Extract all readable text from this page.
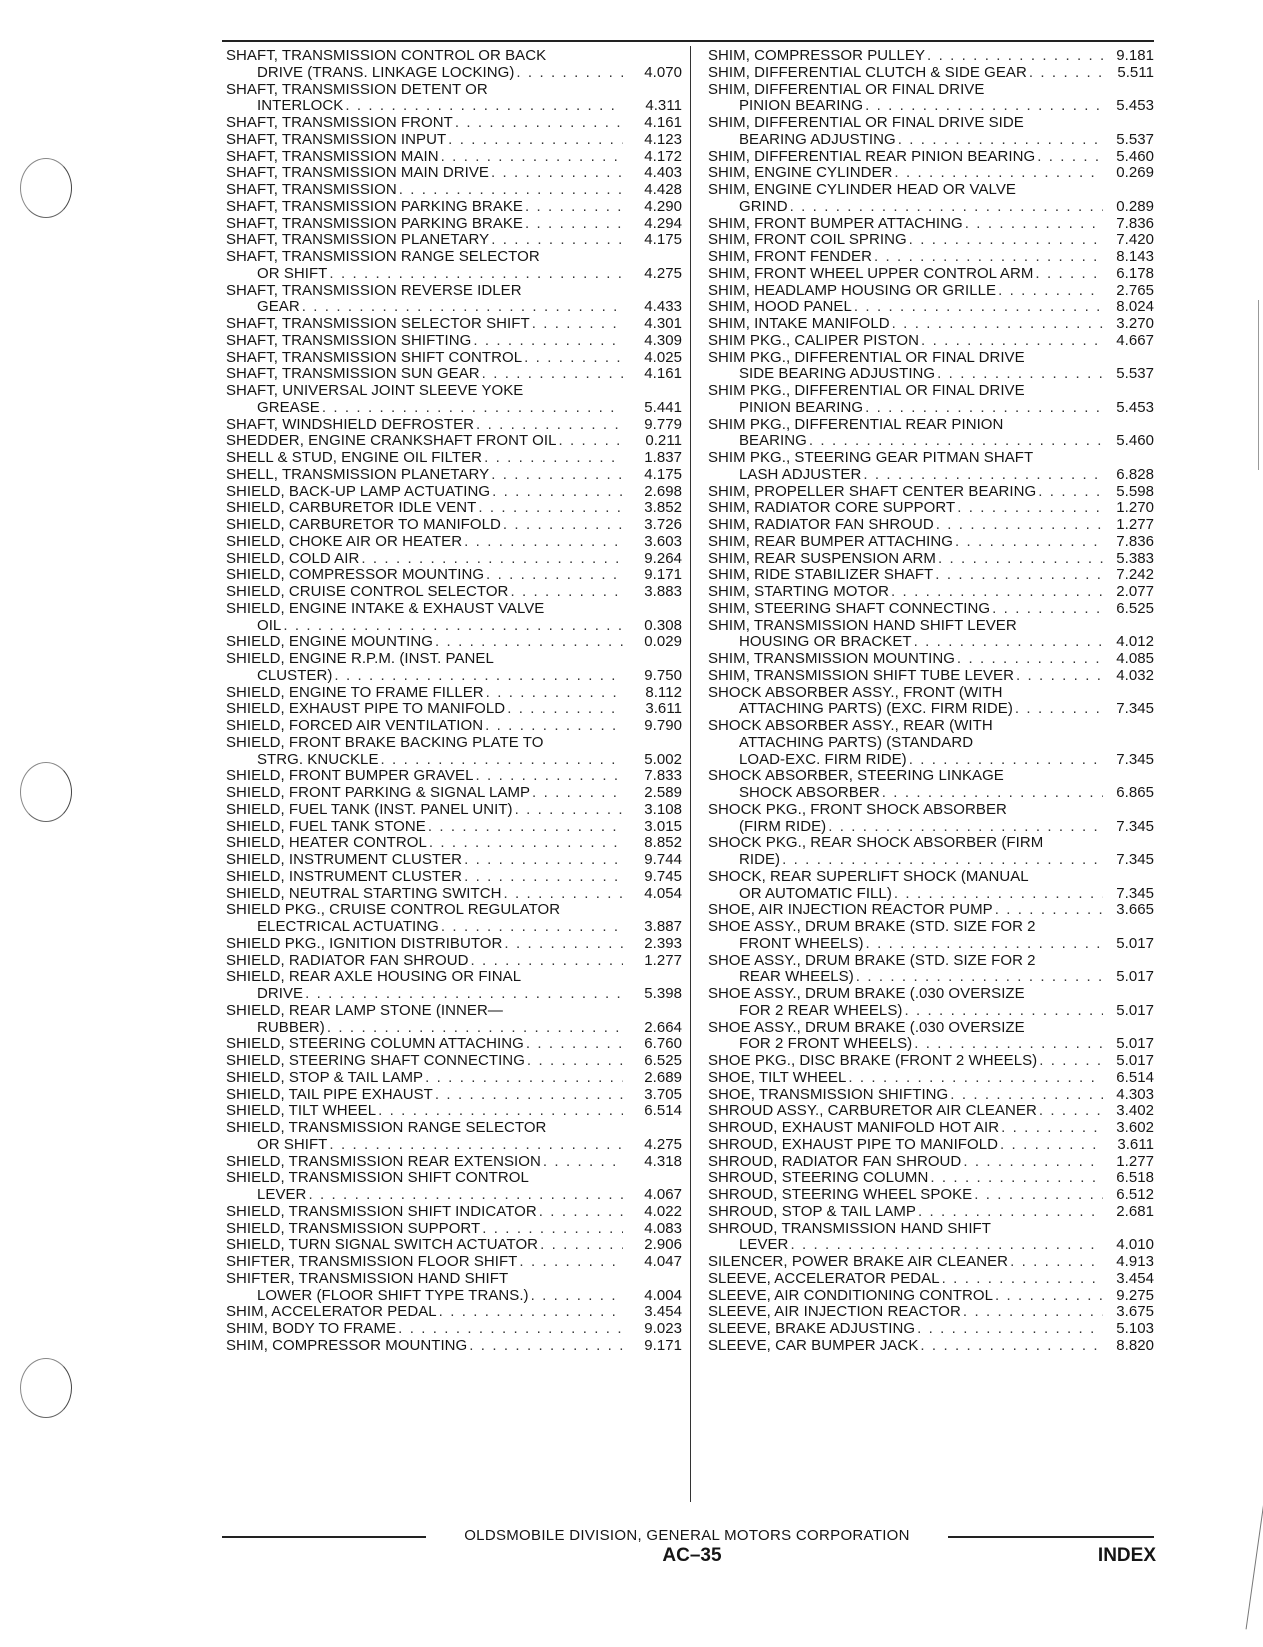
SHAFT, TRANSMISSION CONTROL OR BACK
DRIVE (TRANS. LINKAGE LOCKING) . . .	4.070
SHAFT, TRANSMISSION DETENT OR
INTERLOCK . . .	4.311
SHAFT, TRANSMISSION FRONT . . .	4.161
SHAFT, TRANSMISSION INPUT . . .	4.123
SHAFT, TRANSMISSION MAIN . . .	4.172
SHAFT, TRANSMISSION MAIN DRIVE . . .	4.403
SHAFT, TRANSMISSION . . .	4.428
SHAFT, TRANSMISSION PARKING BRAKE . . .	4.290
SHAFT, TRANSMISSION PARKING BRAKE . . .	4.294
SHAFT, TRANSMISSION PLANETARY . . .	4.175
SHAFT, TRANSMISSION RANGE SELECTOR
OR SHIFT . . .	4.275
SHAFT, TRANSMISSION REVERSE IDLER
GEAR . . .	4.433
SHAFT, TRANSMISSION SELECTOR SHIFT . . .	4.301
SHAFT, TRANSMISSION SHIFTING . . .	4.309
SHAFT, TRANSMISSION SHIFT CONTROL . . .	4.025
SHAFT, TRANSMISSION SUN GEAR . . .	4.161
SHAFT, UNIVERSAL JOINT SLEEVE YOKE
GREASE . . .	5.441
SHAFT, WINDSHIELD DEFROSTER . . .	9.779
SHEDDER, ENGINE CRANKSHAFT FRONT OIL . . .	0.211
SHELL & STUD, ENGINE OIL FILTER . . .	1.837
SHELL, TRANSMISSION PLANETARY . . .	4.175
SHIELD, BACK-UP LAMP ACTUATING . . .	2.698
SHIELD, CARBURETOR IDLE VENT . . .	3.852
SHIELD, CARBURETOR TO MANIFOLD . . .	3.726
SHIELD, CHOKE AIR OR HEATER . . .	3.603
SHIELD, COLD AIR . . .	9.264
SHIELD, COMPRESSOR MOUNTING . . .	9.171
SHIELD, CRUISE CONTROL SELECTOR . . .	3.883
SHIELD, ENGINE INTAKE & EXHAUST VALVE
OIL . . .	0.308
SHIELD, ENGINE MOUNTING . . .	0.029
SHIELD, ENGINE R.P.M. (INST. PANEL
CLUSTER) . . .	9.750
SHIELD, ENGINE TO FRAME FILLER . . .	8.112
SHIELD, EXHAUST PIPE TO MANIFOLD . . .	3.611
SHIELD, FORCED AIR VENTILATION . . .	9.790
SHIELD, FRONT BRAKE BACKING PLATE TO
STRG. KNUCKLE . . .	5.002
SHIELD, FRONT BUMPER GRAVEL . . .	7.833
SHIELD, FRONT PARKING & SIGNAL LAMP . . .	2.589
SHIELD, FUEL TANK (INST. PANEL UNIT) . . .	3.108
SHIELD, FUEL TANK STONE . . .	3.015
SHIELD, HEATER CONTROL . . .	8.852
SHIELD, INSTRUMENT CLUSTER . . .	9.744
SHIELD, INSTRUMENT CLUSTER . . .	9.745
SHIELD, NEUTRAL STARTING SWITCH . . .	4.054
SHIELD PKG., CRUISE CONTROL REGULATOR
ELECTRICAL ACTUATING . . .	3.887
SHIELD PKG., IGNITION DISTRIBUTOR . . .	2.393
SHIELD, RADIATOR FAN SHROUD . . .	1.277
SHIELD, REAR AXLE HOUSING OR FINAL
DRIVE . . .	5.398
SHIELD, REAR LAMP STONE (INNER—
RUBBER) . . .	2.664
SHIELD, STEERING COLUMN ATTACHING . . .	6.760
SHIELD, STEERING SHAFT CONNECTING . . .	6.525
SHIELD, STOP & TAIL LAMP . . .	2.689
SHIELD, TAIL PIPE EXHAUST . . .	3.705
SHIELD, TILT WHEEL . . .	6.514
SHIELD, TRANSMISSION RANGE SELECTOR
OR SHIFT . . .	4.275
SHIELD, TRANSMISSION REAR EXTENSION . . .	4.318
SHIELD, TRANSMISSION SHIFT CONTROL
LEVER . . .	4.067
SHIELD, TRANSMISSION SHIFT INDICATOR . . .	4.022
SHIELD, TRANSMISSION SUPPORT . . .	4.083
SHIELD, TURN SIGNAL SWITCH ACTUATOR . . .	2.906
SHIFTER, TRANSMISSION FLOOR SHIFT . . .	4.047
SHIFTER, TRANSMISSION HAND SHIFT
LOWER (FLOOR SHIFT TYPE TRANS.) . . .	4.004
SHIM, ACCELERATOR PEDAL . . .	3.454
SHIM, BODY TO FRAME . . .	9.023
SHIM, COMPRESSOR MOUNTING . . .	9.171
SHIM, COMPRESSOR PULLEY . . .	9.181
SHIM, DIFFERENTIAL CLUTCH & SIDE GEAR . . .	5.511
SHIM, DIFFERENTIAL OR FINAL DRIVE
PINION BEARING . . .	5.453
SHIM, DIFFERENTIAL OR FINAL DRIVE SIDE
BEARING ADJUSTING . . .	5.537
SHIM, DIFFERENTIAL REAR PINION BEARING . . .	5.460
SHIM, ENGINE CYLINDER . . .	0.269
SHIM, ENGINE CYLINDER HEAD OR VALVE
GRIND . . .	0.289
SHIM, FRONT BUMPER ATTACHING . . .	7.836
SHIM, FRONT COIL SPRING . . .	7.420
SHIM, FRONT FENDER . . .	8.143
SHIM, FRONT WHEEL UPPER CONTROL ARM . . .	6.178
SHIM, HEADLAMP HOUSING OR GRILLE . . .	2.765
SHIM, HOOD PANEL . . .	8.024
SHIM, INTAKE MANIFOLD . . .	3.270
SHIM PKG., CALIPER PISTON . . .	4.667
SHIM PKG., DIFFERENTIAL OR FINAL DRIVE
SIDE BEARING ADJUSTING . . .	5.537
SHIM PKG., DIFFERENTIAL OR FINAL DRIVE
PINION BEARING . . .	5.453
SHIM PKG., DIFFERENTIAL REAR PINION
BEARING . . .	5.460
SHIM PKG., STEERING GEAR PITMAN SHAFT
LASH ADJUSTER . . .	6.828
SHIM, PROPELLER SHAFT CENTER BEARING . . .	5.598
SHIM, RADIATOR CORE SUPPORT . . .	1.270
SHIM, RADIATOR FAN SHROUD . . .	1.277
SHIM, REAR BUMPER ATTACHING . . .	7.836
SHIM, REAR SUSPENSION ARM . . .	5.383
SHIM, RIDE STABILIZER SHAFT . . .	7.242
SHIM, STARTING MOTOR . . .	2.077
SHIM, STEERING SHAFT CONNECTING . . .	6.525
SHIM, TRANSMISSION HAND SHIFT LEVER
HOUSING OR BRACKET . . .	4.012
SHIM, TRANSMISSION MOUNTING . . .	4.085
SHIM, TRANSMISSION SHIFT TUBE LEVER . . .	4.032
SHOCK ABSORBER ASSY., FRONT (WITH
ATTACHING PARTS) (EXC. FIRM RIDE) . . .	7.345
SHOCK ABSORBER ASSY., REAR (WITH
ATTACHING PARTS) (STANDARD
LOAD-EXC. FIRM RIDE) . . .	7.345
SHOCK ABSORBER, STEERING LINKAGE
SHOCK ABSORBER . . .	6.865
SHOCK PKG., FRONT SHOCK ABSORBER
(FIRM RIDE) . . .	7.345
SHOCK PKG., REAR SHOCK ABSORBER (FIRM
RIDE) . . .	7.345
SHOCK, REAR SUPERLIFT SHOCK (MANUAL
OR AUTOMATIC FILL) . . .	7.345
SHOE, AIR INJECTION REACTOR PUMP . . .	3.665
SHOE ASSY., DRUM BRAKE (STD. SIZE FOR 2
FRONT WHEELS) . . .	5.017
SHOE ASSY., DRUM BRAKE (STD. SIZE FOR 2
REAR WHEELS) . . .	5.017
SHOE ASSY., DRUM BRAKE (.030 OVERSIZE
FOR 2 REAR WHEELS) . . .	5.017
SHOE ASSY., DRUM BRAKE (.030 OVERSIZE
FOR 2 FRONT WHEELS) . . .	5.017
SHOE PKG., DISC BRAKE (FRONT 2 WHEELS) . . .	5.017
SHOE, TILT WHEEL . . .	6.514
SHOE, TRANSMISSION SHIFTING . . .	4.303
SHROUD ASSY., CARBURETOR AIR CLEANER . . .	3.402
SHROUD, EXHAUST MANIFOLD HOT AIR . . .	3.602
SHROUD, EXHAUST PIPE TO MANIFOLD . . .	3.611
SHROUD, RADIATOR FAN SHROUD . . .	1.277
SHROUD, STEERING COLUMN . . .	6.518
SHROUD, STEERING WHEEL SPOKE . . .	6.512
SHROUD, STOP & TAIL LAMP . . .	2.681
SHROUD, TRANSMISSION HAND SHIFT
LEVER . . .	4.010
SILENCER, POWER BRAKE AIR CLEANER . . .	4.913
SLEEVE, ACCELERATOR PEDAL . . .	3.454
SLEEVE, AIR CONDITIONING CONTROL . . .	9.275
SLEEVE, AIR INJECTION REACTOR . . .	3.675
SLEEVE, BRAKE ADJUSTING . . .	5.103
SLEEVE, CAR BUMPER JACK . . .	8.820
OLDSMOBILE DIVISION, GENERAL MOTORS CORPORATION
AC–35	INDEX
